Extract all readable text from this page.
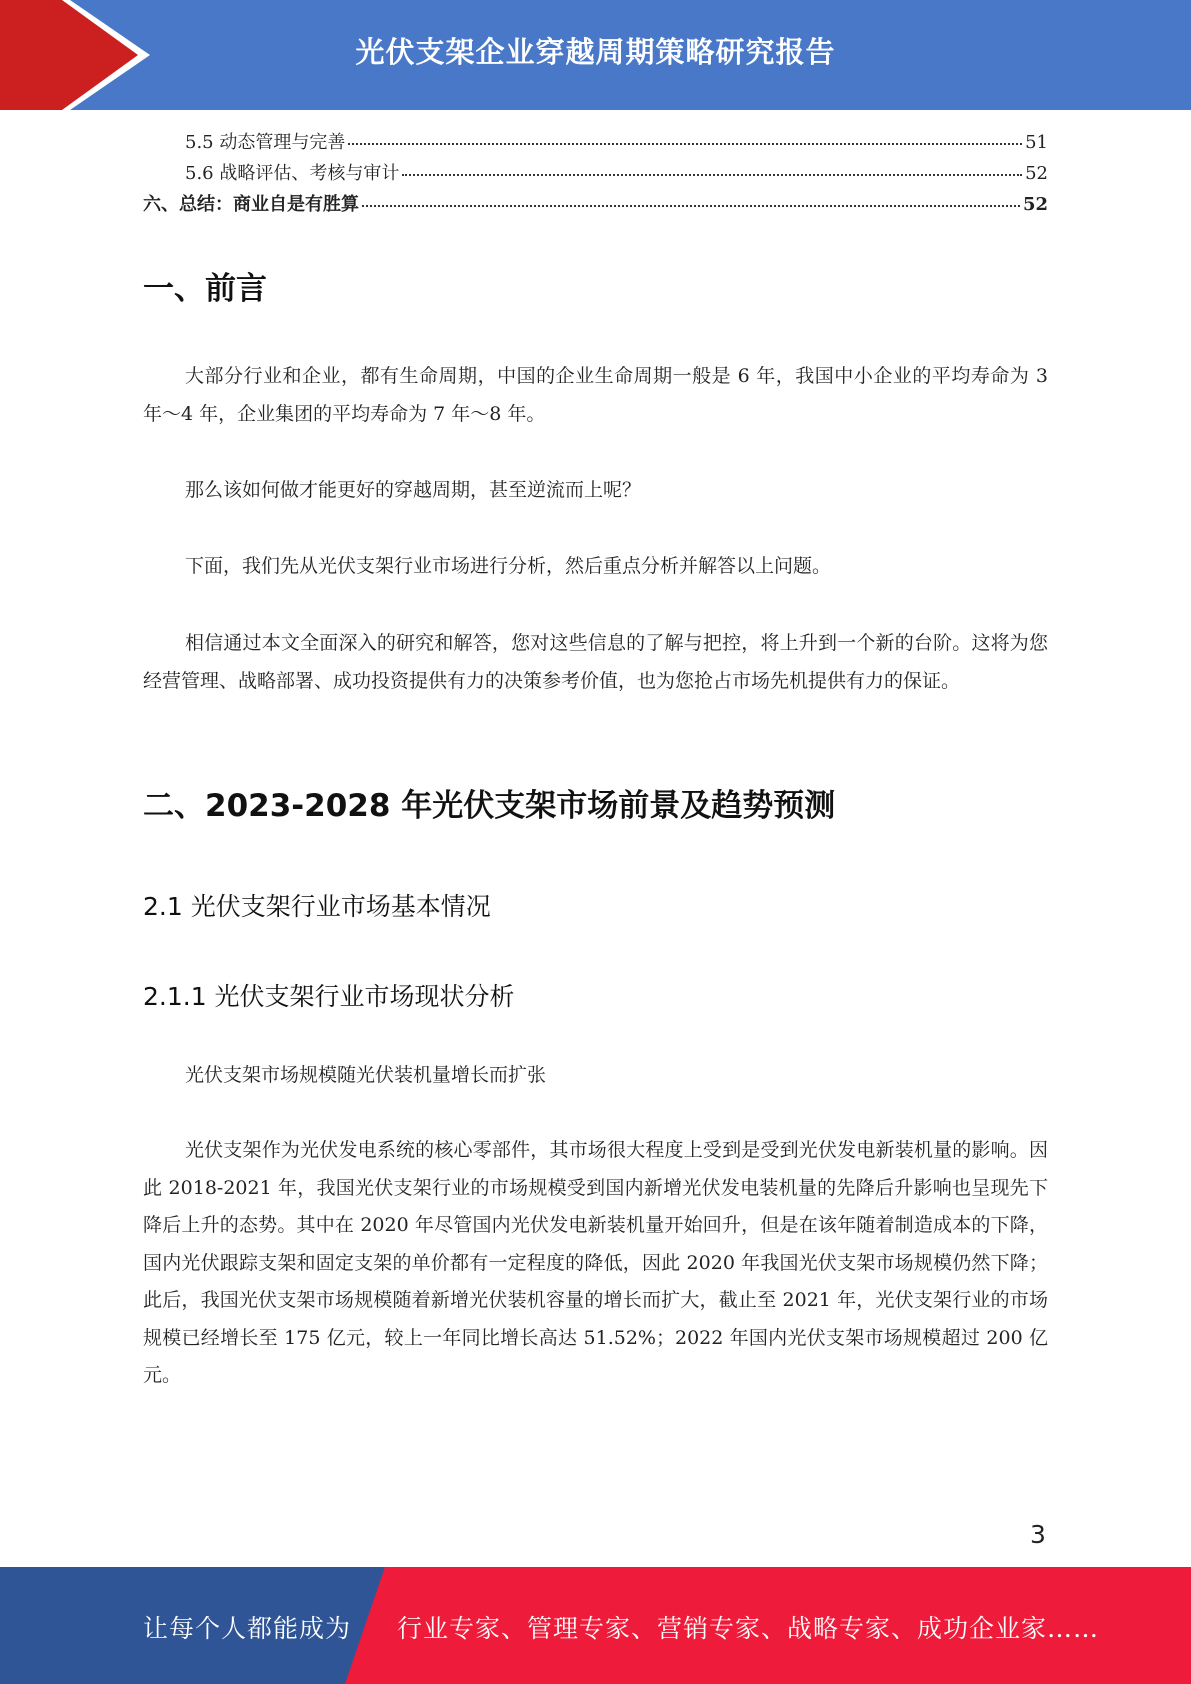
光伏支架企业穿越周期策略研究报告
5.5 动态管理与完善	51
5.6 战略评估、考核与审计	52
六、总结：商业自是有胜算	52
一、前言

大部分行业和企业，都有生命周期，中国的企业生命周期一般是 6 年，我国中小企业的平均寿命为 3 年～4 年，企业集团的平均寿命为 7 年～8 年。

那么该如何做才能更好的穿越周期，甚至逆流而上呢？

下面，我们先从光伏支架行业市场进行分析，然后重点分析并解答以上问题。

相信通过本文全面深入的研究和解答，您对这些信息的了解与把控，将上升到一个新的台阶。这将为您经营管理、战略部署、成功投资提供有力的决策参考价值，也为您抢占市场先机提供有力的保证。

二、2023-2028 年光伏支架市场前景及趋势预测
2.1 光伏支架行业市场基本情况
2.1.1 光伏支架行业市场现状分析

光伏支架市场规模随光伏装机量增长而扩张

光伏支架作为光伏发电系统的核心零部件，其市场很大程度上受到是受到光伏发电新装机量的影响。因此 2018-2021 年，我国光伏支架行业的市场规模受到国内新增光伏发电装机量的先降后升影响也呈现先下降后上升的态势。其中在 2020 年尽管国内光伏发电新装机量开始回升，但是在该年随着制造成本的下降，国内光伏跟踪支架和固定支架的单价都有一定程度的降低，因此 2020 年我国光伏支架市场规模仍然下降；此后，我国光伏支架市场规模随着新增光伏装机容量的增长而扩大，截止至 2021 年，光伏支架行业的市场规模已经增长至 175 亿元，较上一年同比增长高达 51.52%；2022 年国内光伏支架市场规模超过 200 亿元。

3
让每个人都能成为 行业专家、管理专家、营销专家、战略专家、成功企业家……
